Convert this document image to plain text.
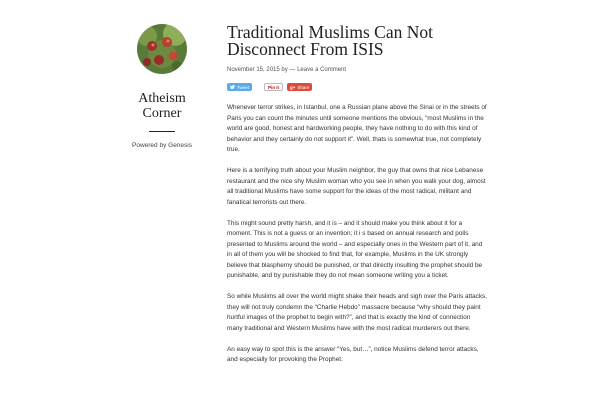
Atheism
Corner
Powered by Genesis
Traditional Muslims Can Not
Disconnect From ISIS
November 15, 2015 by — Leave a Comment
Tweet	Pin it g+ Share

Whenever terror strikes, in Istanbul, one a Russian plane above the Sinai or in the streets of Paris you can count the minutes until someone mentions the obvious, “most Muslims in the world are good, honest and hardworking people, they have nothing to do with this kind of behavior and they certainly do not support it”. Well, thats is somewhat true, not completely true.

Here is a terrifying truth about your Muslim neighbor, the guy that owns that nice Lebanese restaurant and the nice shy Muslim woman who you see in when you walk your dog, almost all traditional Muslims have some support for the ideas of the most radical, militant and fanatical terrorists out there.

This might sound pretty harsh, and it is – and it should make you think about it for a moment. This is not a guess or an invention; it i s based on annual research and polls presented to Muslims around the world – and especially ones in the Western part of it, and in all of them you will be shocked to find that, for example, Muslims in the UK strongly believe that blasphemy should be punished, or that directly insulting the prophet should be punishable, and by punishable they do not mean someone writing you a ticket.

So while Muslims all over the world might shake their heads and sigh over the Paris attacks, they will not truly condemn the “Charlie Hebdo” massacre because “why should they paint hurtful images of the prophet to begin with?”, and that is exactly the kind of connection many traditional and Western Muslims have with the most radical murderers out there.

An easy way to spot this is the answer “Yes, but…”, notice Muslims defend terror attacks, and especially for provoking the Prophet.
